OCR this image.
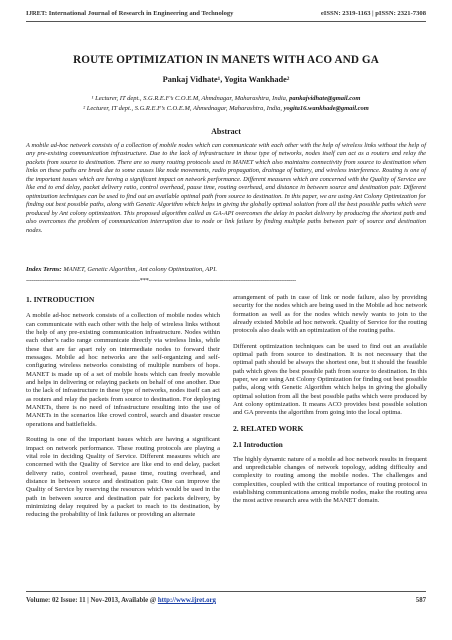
IJRET: International Journal of Research in Engineering and Technology	eISSN: 2319-1163 | pISSN: 2321-7308
ROUTE OPTIMIZATION IN MANETS WITH ACO AND GA
Pankaj Vidhate¹, Yogita Wankhade²
¹ Lecturer, IT dept., S.G.R.E.F’s C.O.E.M, Ahmdnagar, Maharashtra, India, pankajvidhate@gmail.com
² Lecturer, IT dept., S.G.R.E.F’s C.O.E.M, Ahmednagar, Maharashtra, India, yogita16.wankhade@gmail.com
Abstract
A mobile ad-hoc network consists of a collection of mobile nodes which can communicate with each other with the help of wireless links without the help of any pre-existing communication infrastructure. Due to the lack of infrastructure in these type of networks, nodes itself can act as a routers and relay the packets from source to destination. There are so many routing protocols used in MANET which also maintains connectivity from source to destination when links on these paths are break due to some causes like node movements, radio propagation, drainage of battery, and wireless interference. Routing is one of the important issues which are having a significant impact on network performance. Different measures which are concerned with the Quality of Service are like end to end delay, packet delivery ratio, control overhead, pause time, routing overhead, and distance in between source and destination pair. Different optimization techniques can be used to find out an available optimal path from source to destination. In this paper, we are using Ant Colony Optimization for finding out best possible paths, along with Genetic Algorithm which helps in giving the globally optimal solution from all the best possible paths which were produced by Ant colony optimization. This proposed algorithm called as GA-API overcomes the delay in packet delivery by producing the shortest path and also overcomes the problem of communication interruption due to node or link failure by finding multiple paths between pair of source and destination nodes.
Index Terms: MANET, Genetic Algorithm, Ant colony Optimization, API.
-------------------------------------------------------------***-------------------------------------------------------------------------------
1. INTRODUCTION

A mobile ad-hoc network consists of a collection of mobile nodes which can communicate with each other with the help of wireless links without the help of any pre-existing communication infrastructure. Nodes within each other’s radio range communicate directly via wireless links, while these that are far apart rely on intermediate nodes to forward their messages. Mobile ad hoc networks are the self-organizing and self-configuring wireless networks consisting of multiple numbers of hops. MANET is made up of a set of mobile hosts which can freely movable and helps in delivering or relaying packets on behalf of one another. Due to the lack of infrastructure in these type of networks, nodes itself can act as routers and relay the packets from source to destination. For deploying MANETs, there is no need of infrastructure resulting into the use of MANETs in the scenarios like crowd control, search and disaster rescue operations and battlefields.

Routing is one of the important issues which are having a significant impact on network performance. These routing protocols are playing a vital role in deciding Quality of Service. Different measures which are concerned with the Quality of Service are like end to end delay, packet delivery ratio, control overhead, pause time, routing overhead, and distance in between source and destination pair. One can improve the Quality of Service by reserving the resources which would be used in the path in between source and destination pair for packets delivery, by minimizing delay required by a packet to reach to its destination, by reducing the probability of link failures or providing an alternate

arrangement of path in case of link or node failure, also by providing security for the nodes which are being used in the Mobile ad hoc network formation as well as for the nodes which newly wants to join to the already existed Mobile ad hoc network. Quality of Service for the routing protocols also deals with an optimization of the routing paths.

Different optimization techniques can be used to find out an available optimal path from source to destination. It is not necessary that the optimal path should be always the shortest one, but it should the feasible path which gives the best possible path from source to destination. In this paper, we are using Ant Colony Optimization for finding out best possible paths, along with Genetic Algorithm which helps in giving the globally optimal solution from all the best possible paths which were produced by Ant colony optimization. It means ACO provides best possible solution and GA prevents the algorithm from going into the local optima.

2. RELATED WORK
2.1 Introduction

The highly dynamic nature of a mobile ad hoc network results in frequent and unpredictable changes of network topology, adding difficulty and complexity to routing among the mobile nodes. The challenges and complexities, coupled with the critical importance of routing protocol in establishing communications among mobile nodes, make the routing area the most active research area with the MANET domain.

Volume: 02 Issue: 11 | Nov-2013, Available @ http://www.ijret.org	587
